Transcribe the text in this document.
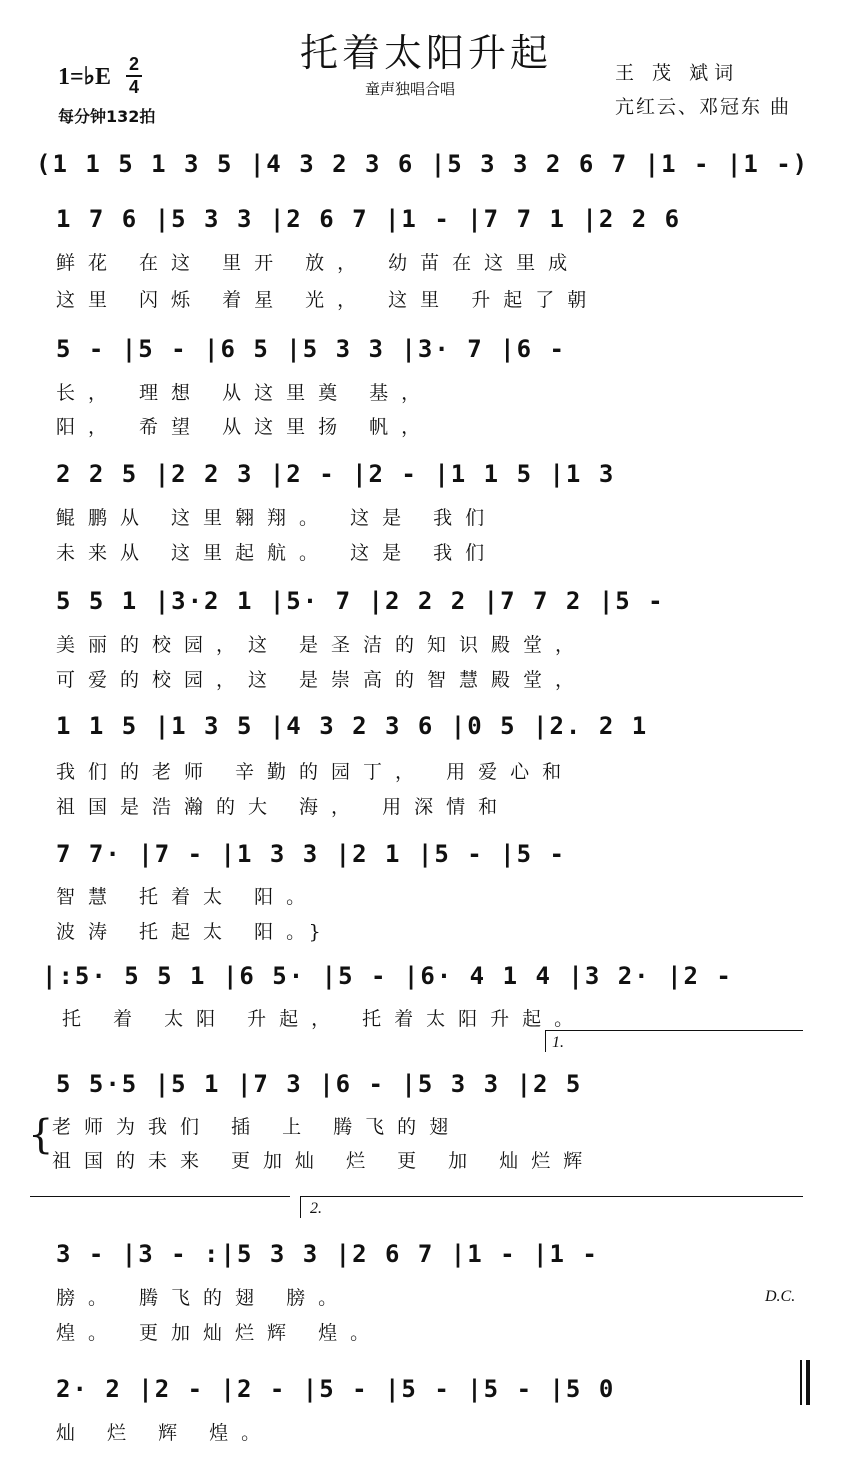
托着太阳升起
1=♭E 2
4
每分钟132拍
童声独唱合唱
王 茂 斌词
亢红云、邓冠东 曲
(1 1 5 1 3 5 |4 3 2 3 6 |5 3 3 2 6 7 |1 - |1 -)
1 7 6 |5 3 3 |2 6 7 |1 - |7 7 1 |2 2 6
鲜花 在这 里开 放， 幼苗在这里成
这里 闪烁 着星 光， 这里 升起了朝
5 - |5 - |6 5 |5 3 3 |3· 7 |6 -
长， 理想 从这里奠 基，
阳， 希望 从这里扬 帆，
2 2 5 |2 2 3 |2 - |2 - |1 1 5 |1 3
鲲鹏从 这里翱翔。 这是 我们
未来从 这里起航。 这是 我们
5 5 1 |3·2 1 |5· 7 |2 2 2 |7 7 2 |5 -
美丽的校园，这 是圣洁的知识殿堂，
可爱的校园，这 是崇高的智慧殿堂，
1 1 5 |1 3 5 |4 3 2 3 6 |0 5 |2. 2 1
我们的老师 辛勤的园丁， 用爱心和
祖国是浩瀚的大 海， 用深情和
7 7· |7 - |1 3 3 |2 1 |5 - |5 -
智慧 托着太 阳。
波涛 托起太 阳。}
|:5· 5 5 1 |6 5· |5 - |6· 4 1 4 |3 2· |2 -
托 着 太阳 升起， 托着太阳升起。
1.
5 5·5 |5 1 |7 3 |6 - |5 3 3 |2 5
{
老师为我们 插 上 腾飞的翅
祖国的未来 更加灿 烂 更 加 灿烂辉
2.
3 - |3 - :|5 3 3 |2 6 7 |1 - |1 -
膀。 腾飞的翅 膀。
煌。 更加灿烂辉 煌。
D.C.
2· 2 |2 - |2 - |5 - |5 - |5 - |5 0
灿 烂 辉 煌。
